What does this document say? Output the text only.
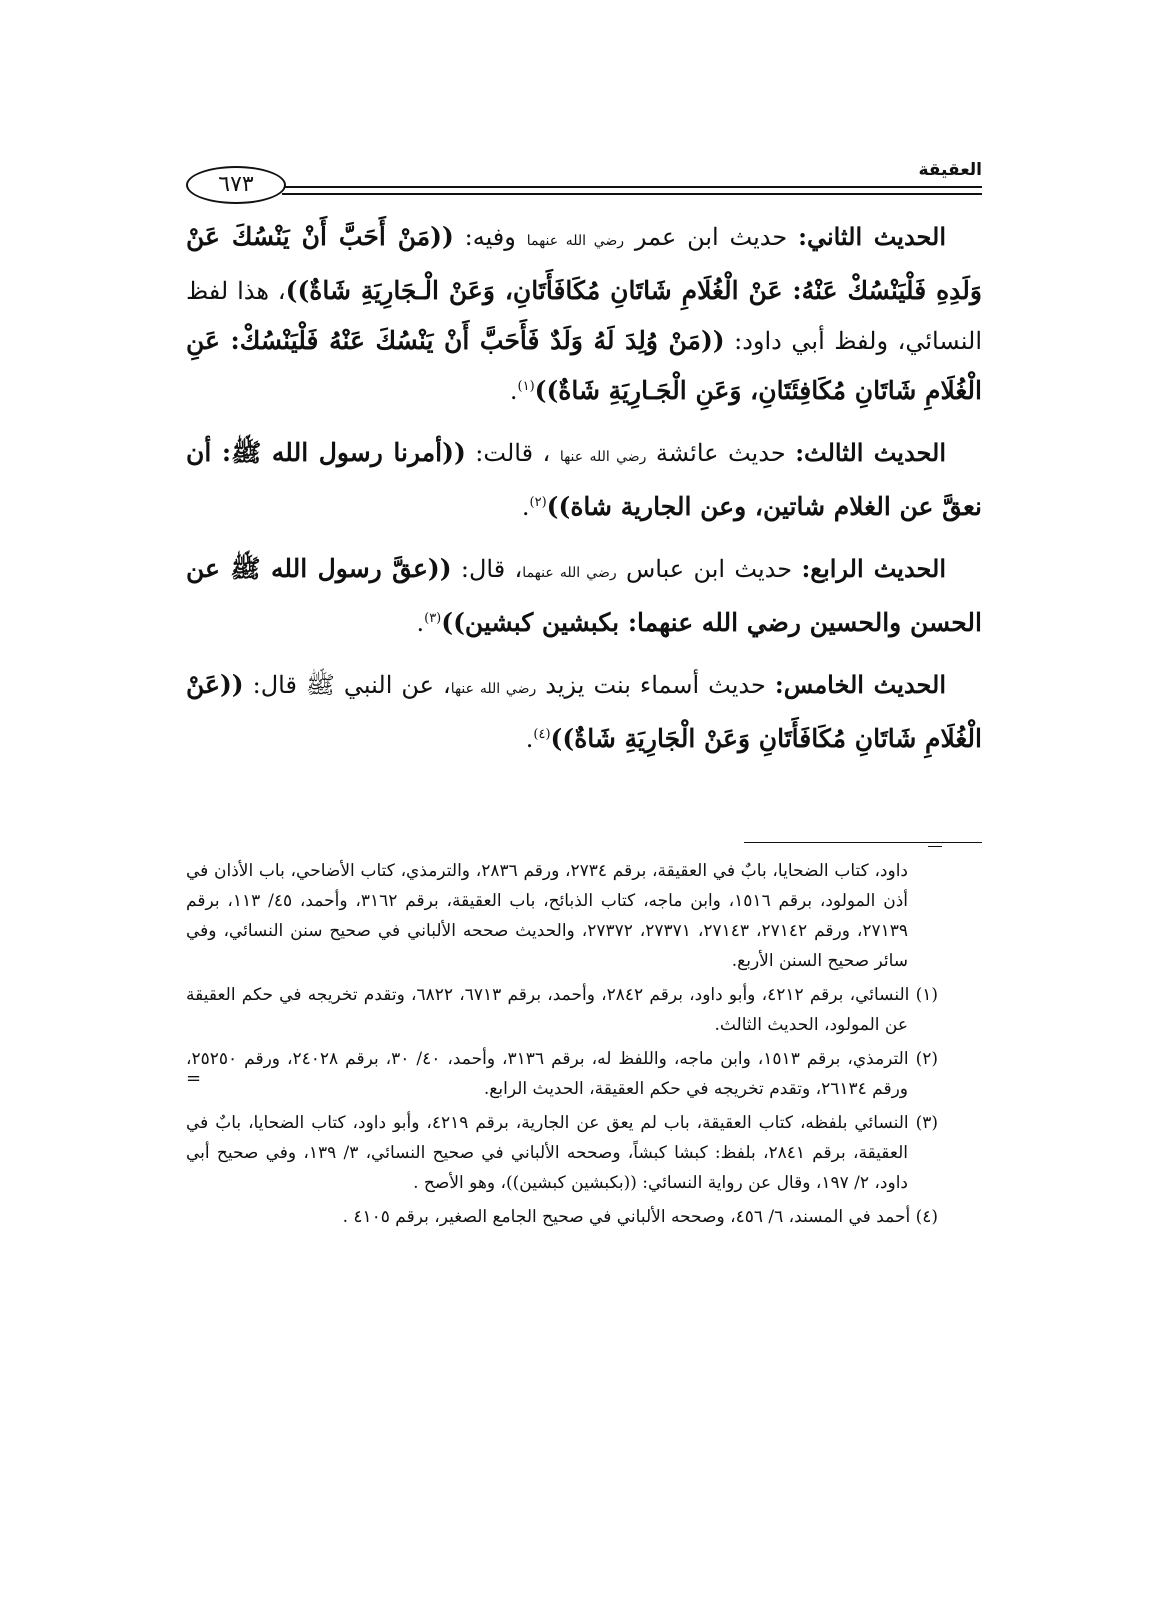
العقيقة
٦٧٣

الحديث الثاني: حديث ابن عمر رضي الله عنهما وفيه: ((مَنْ أَحَبَّ أَنْ يَنْسُكَ عَنْ وَلَدِهِ فَلْيَنْسُكْ عَنْهُ: عَنْ الْغُلَامِ شَاتَانِ مُكَافَأَتَانِ، وَعَنْ الْـجَارِيَةِ شَاةٌ))، هذا لفظ النسائي، ولفظ أبي داود: ((مَنْ وُلِدَ لَهُ وَلَدٌ فَأَحَبَّ أَنْ يَنْسُكَ عَنْهُ فَلْيَنْسُكْ: عَنِ الْغُلَامِ شَاتَانِ مُكَافِئَتَانِ، وَعَنِ الْجَـارِيَةِ شَاةٌ))$^{(١)}$.

الحديث الثالث: حديث عائشة رضي الله عنها ، قالت: ((أمرنا رسول الله ﷺ: أن نعقَّ عن الغلام شاتين، وعن الجارية شاة))$^{(٢)}$.

الحديث الرابع: حديث ابن عباس رضي الله عنهما، قال: ((عقَّ رسول الله ﷺ عن الحسن والحسين رضي الله عنهما: بكبشين كبشين))$^{(٣)}$.

الحديث الخامس: حديث أسماء بنت يزيد رضي الله عنها، عن النبي ﷺ قال: ((عَنْ الْغُلَامِ شَاتَانِ مُكَافَأَتَانِ وَعَنْ الْجَارِيَةِ شَاةٌ))$^{(٤)}$.

داود، كتاب الضحايا، بابٌ في العقيقة، برقم ٢٧٣٤، ورقم ٢٨٣٦، والترمذي، كتاب الأضاحي، باب الأذان في أذن المولود، برقم ١٥١٦، وابن ماجه، كتاب الذبائح، باب العقيقة، برقم ٣١٦٢، وأحمد، ٤٥/ ١١٣، برقم ٢٧١٣٩، ورقم ٢٧١٤٢، ٢٧١٤٣، ٢٧٣٧١، ٢٧٣٧٢، والحديث صححه الألباني في صحيح سنن النسائي، وفي سائر صحيح السنن الأربع.

(١) النسائي، برقم ٤٢١٢، وأبو داود، برقم ٢٨٤٢، وأحمد، برقم ٦٧١٣، ٦٨٢٢، وتقدم تخريجه في حكم العقيقة عن المولود، الحديث الثالث.

(٢) الترمذي، برقم ١٥١٣، وابن ماجه، واللفظ له، برقم ٣١٣٦، وأحمد، ٤٠/ ٣٠، برقم ٢٤٠٢٨، ورقم ٢٥٢٥٠، ورقم ٢٦١٣٤، وتقدم تخريجه في حكم العقيقة، الحديث الرابع.

(٣) النسائي بلفظه، كتاب العقيقة، باب لم يعق عن الجارية، برقم ٤٢١٩، وأبو داود، كتاب الضحايا، بابٌ في العقيقة، برقم ٢٨٤١، بلفظ: كبشا كبشاً، وصححه الألباني في صحيح النسائي، ٣/ ١٣٩، وفي صحيح أبي داود، ٢/ ١٩٧، وقال عن رواية النسائي: ((بكبشين كبشين))، وهو الأصح .

(٤) أحمد في المسند، ٦/ ٤٥٦، وصححه الألباني في صحيح الجامع الصغير، برقم ٤١٠٥ .

=
